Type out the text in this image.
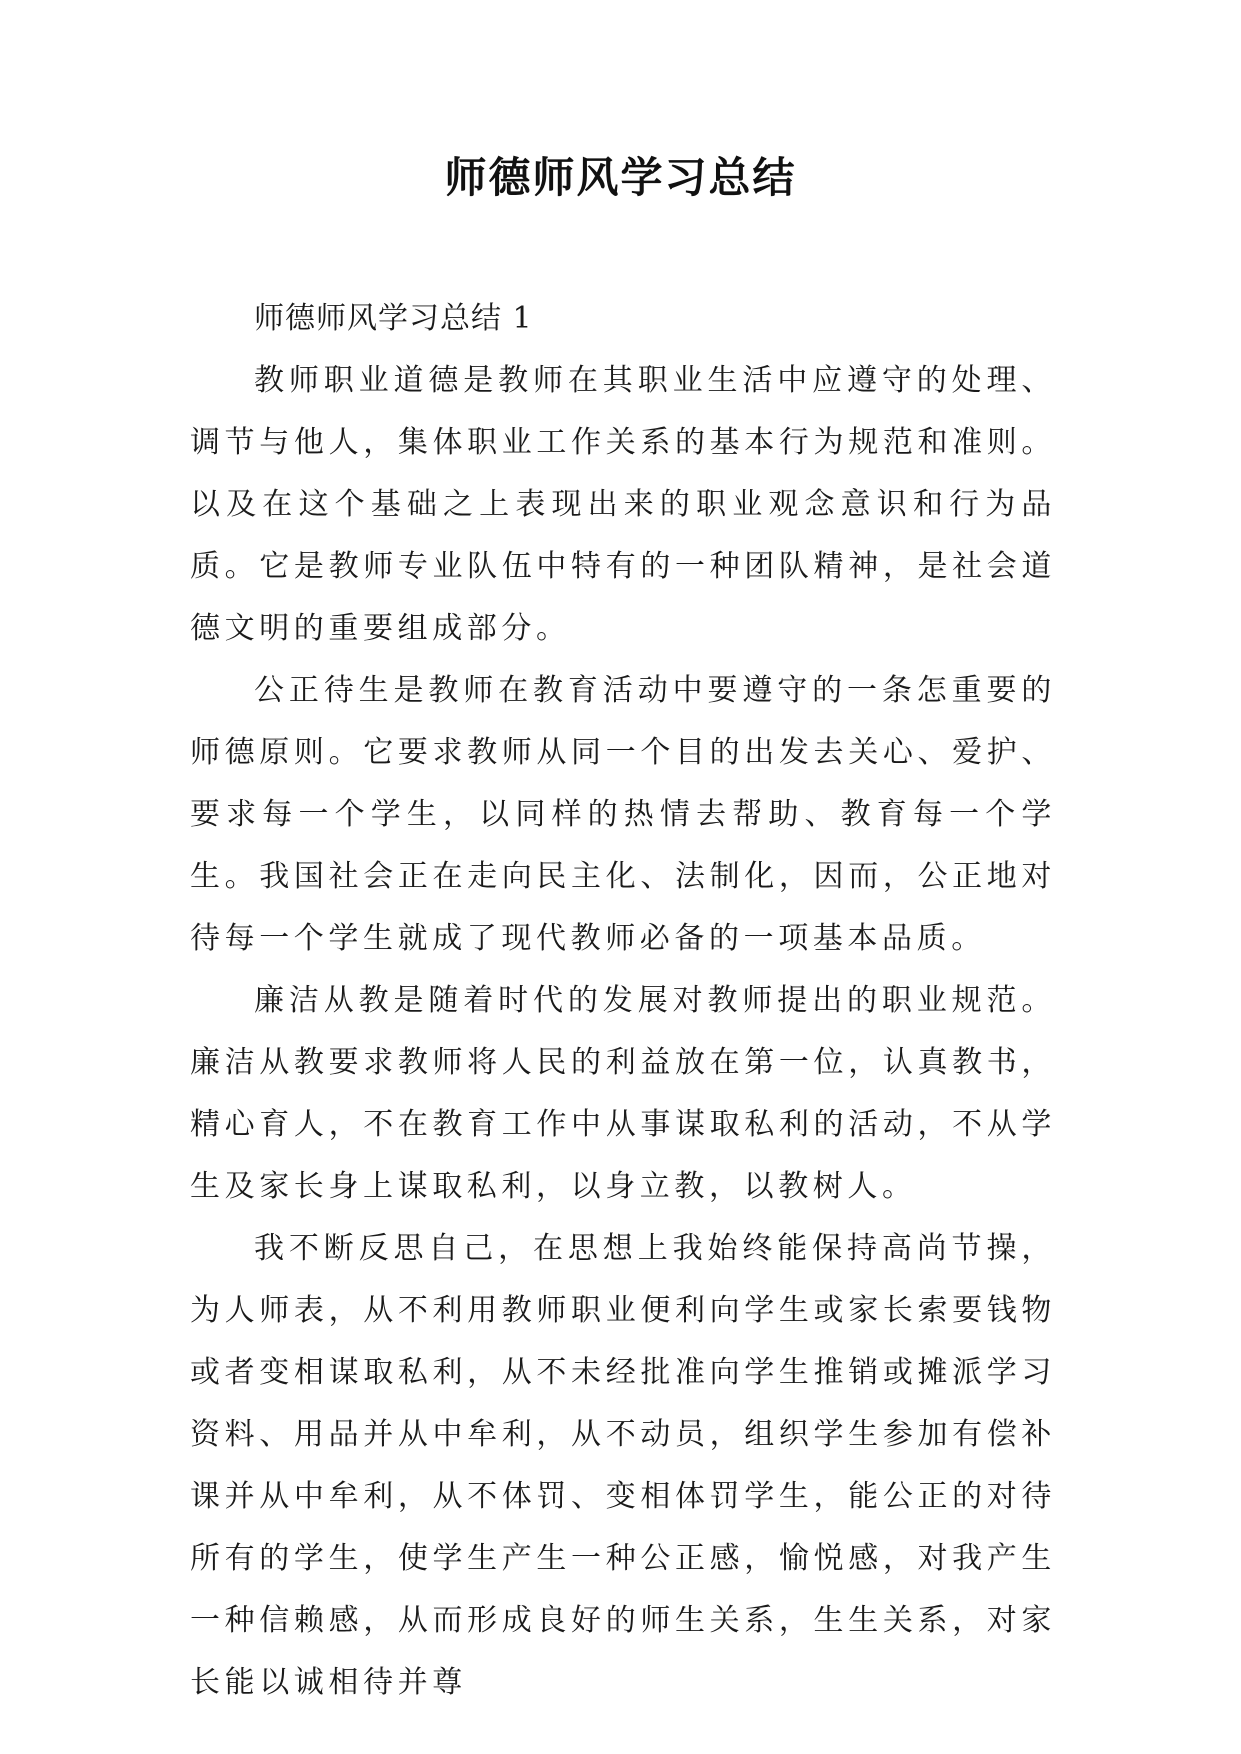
师德师风学习总结

师德师风学习总结 1

教师职业道德是教师在其职业生活中应遵守的处理、调节与他人，集体职业工作关系的基本行为规范和准则。以及在这个基础之上表现出来的职业观念意识和行为品质。它是教师专业队伍中特有的一种团队精神，是社会道德文明的重要组成部分。

公正待生是教师在教育活动中要遵守的一条怎重要的师德原则。它要求教师从同一个目的出发去关心、爱护、要求每一个学生，以同样的热情去帮助、教育每一个学生。我国社会正在走向民主化、法制化，因而，公正地对待每一个学生就成了现代教师必备的一项基本品质。

廉洁从教是随着时代的发展对教师提出的职业规范。廉洁从教要求教师将人民的利益放在第一位，认真教书，精心育人，不在教育工作中从事谋取私利的活动，不从学生及家长身上谋取私利，以身立教，以教树人。

我不断反思自己，在思想上我始终能保持高尚节操，为人师表，从不利用教师职业便利向学生或家长索要钱物或者变相谋取私利，从不未经批准向学生推销或摊派学习资料、用品并从中牟利，从不动员，组织学生参加有偿补课并从中牟利，从不体罚、变相体罚学生，能公正的对待所有的学生，使学生产生一种公正感，愉悦感，对我产生一种信赖感，从而形成良好的师生关系，生生关系，对家长能以诚相待并尊
